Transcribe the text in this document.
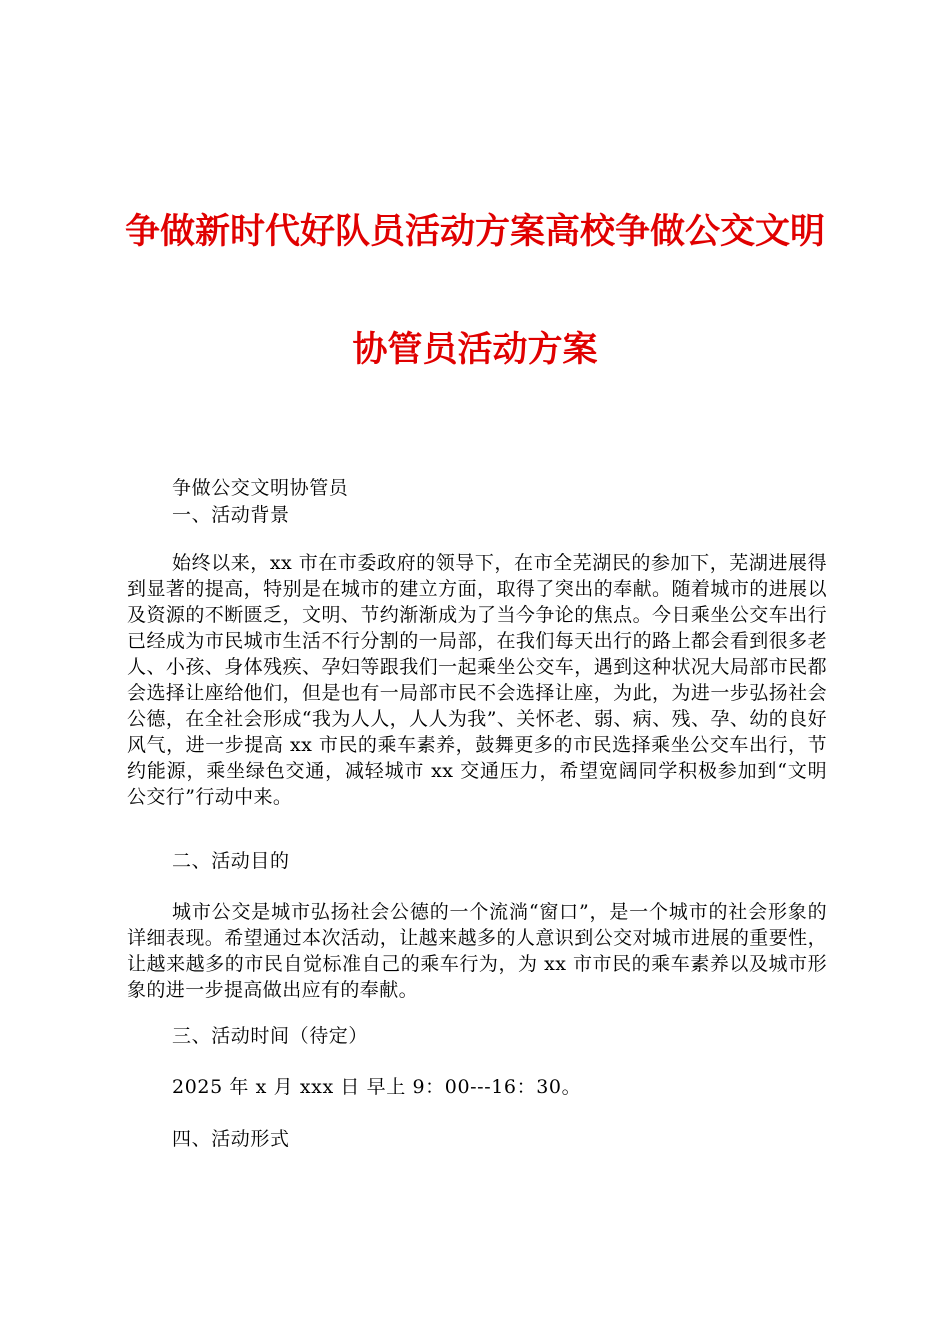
争做新时代好队员活动方案高校争做公交文明
协管员活动方案
争做公交文明协管员
一、活动背景
始终以来，xx 市在市委政府的领导下，在市全芜湖民的参加下，芜湖进展得到显著的提高，特别是在城市的建立方面，取得了突出的奉献。随着城市的进展以及资源的不断匮乏，文明、节约渐渐成为了当今争论的焦点。今日乘坐公交车出行已经成为市民城市生活不行分割的一局部，在我们每天出行的路上都会看到很多老人、小孩、身体残疾、孕妇等跟我们一起乘坐公交车，遇到这种状况大局部市民都会选择让座给他们，但是也有一局部市民不会选择让座，为此，为进一步弘扬社会公德，在全社会形成“我为人人，人人为我”、关怀老、弱、病、残、孕、幼的良好风气，进一步提高 xx 市民的乘车素养，鼓舞更多的市民选择乘坐公交车出行，节约能源，乘坐绿色交通，减轻城市 xx 交通压力，希望宽阔同学积极参加到“文明公交行”行动中来。
二、活动目的
城市公交是城市弘扬社会公德的一个流淌“窗口”，是一个城市的社会形象的详细表现。希望通过本次活动，让越来越多的人意识到公交对城市进展的重要性，让越来越多的市民自觉标准自己的乘车行为，为 xx 市市民的乘车素养以及城市形象的进一步提高做出应有的奉献。
三、活动时间（待定）
2025 年 x 月 xxx 日 早上 9：00---16：30。
四、活动形式
